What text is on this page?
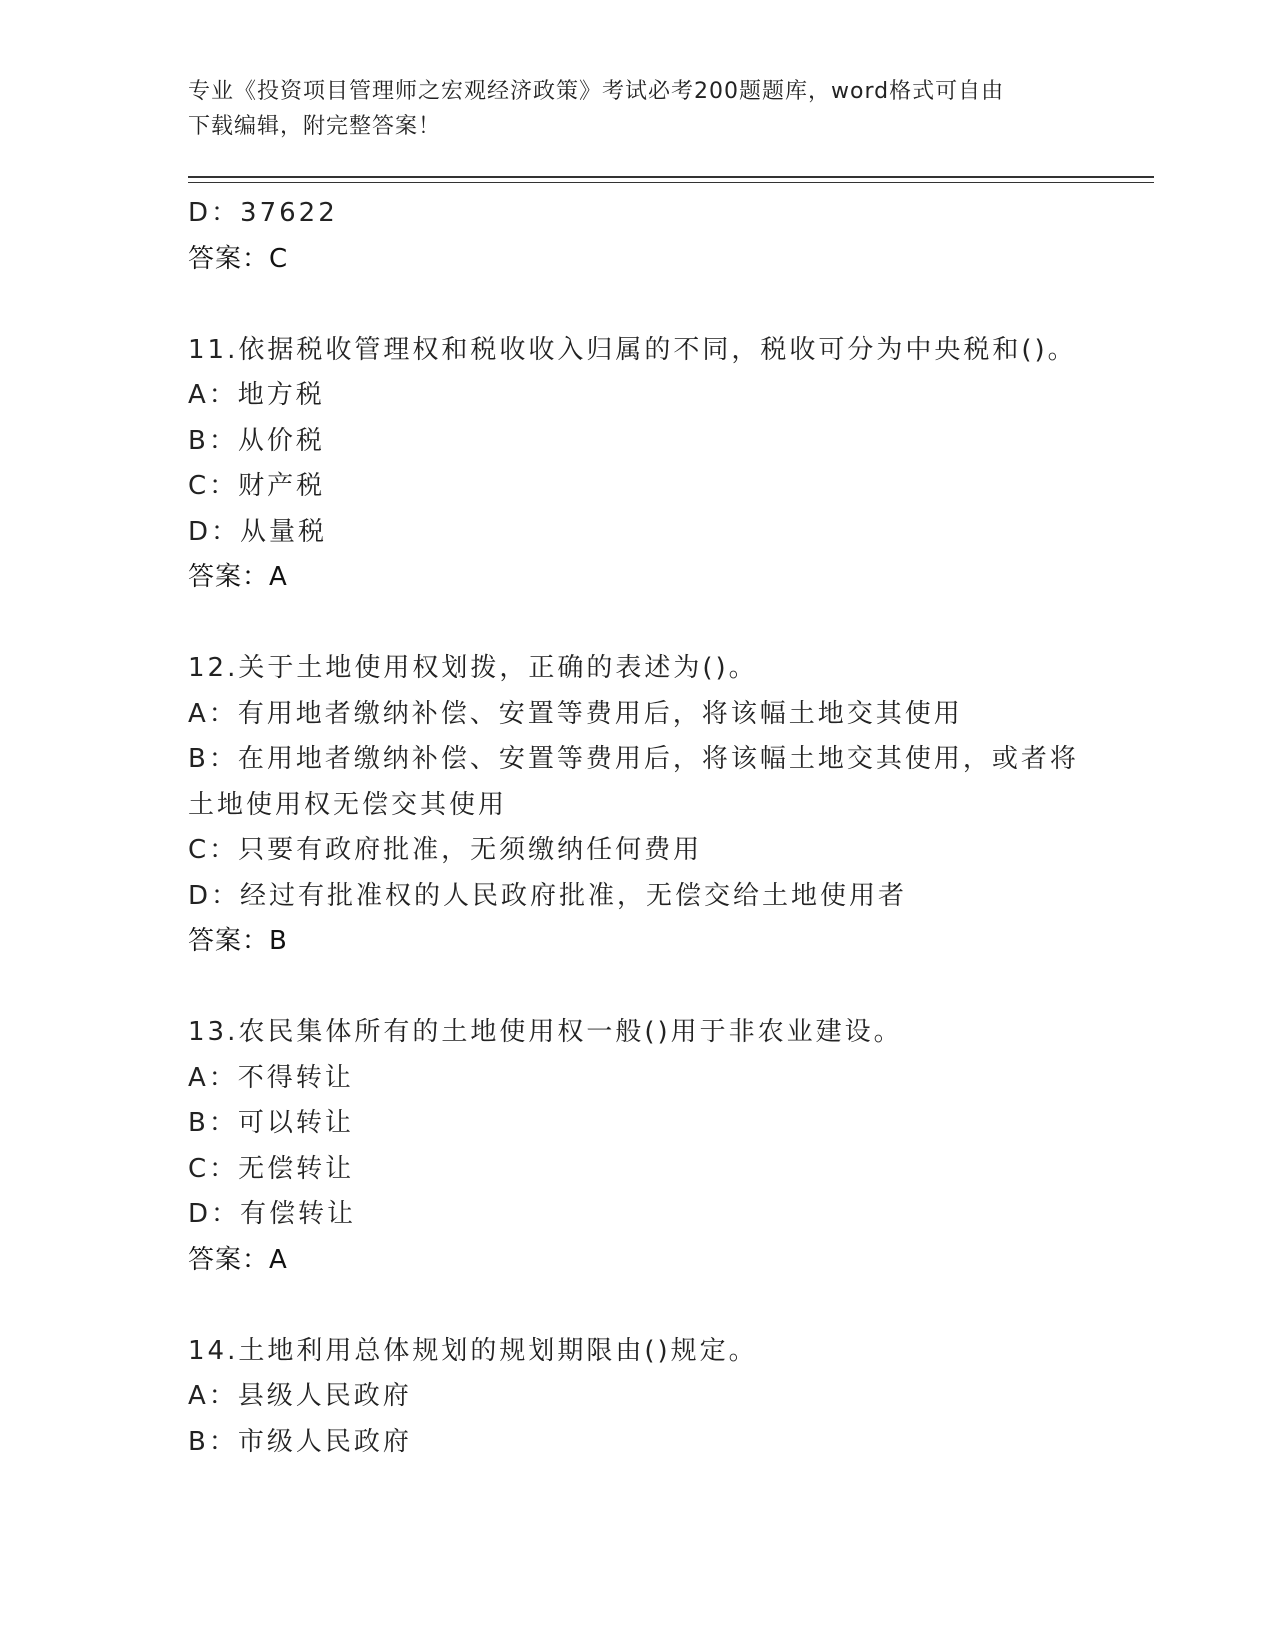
专业《投资项目管理师之宏观经济政策》考试必考200题题库，word格式可自由
下载编辑，附完整答案！
D：37622
答案：C
11.依据税收管理权和税收收入归属的不同，税收可分为中央税和()。
A：地方税
B：从价税
C：财产税
D：从量税
答案：A
12.关于土地使用权划拨，正确的表述为()。
A：有用地者缴纳补偿、安置等费用后，将该幅土地交其使用
B：在用地者缴纳补偿、安置等费用后，将该幅土地交其使用，或者将
土地使用权无偿交其使用
C：只要有政府批准，无须缴纳任何费用
D：经过有批准权的人民政府批准，无偿交给土地使用者
答案：B
13.农民集体所有的土地使用权一般()用于非农业建设。
A：不得转让
B：可以转让
C：无偿转让
D：有偿转让
答案：A
14.土地利用总体规划的规划期限由()规定。
A：县级人民政府
B：市级人民政府
